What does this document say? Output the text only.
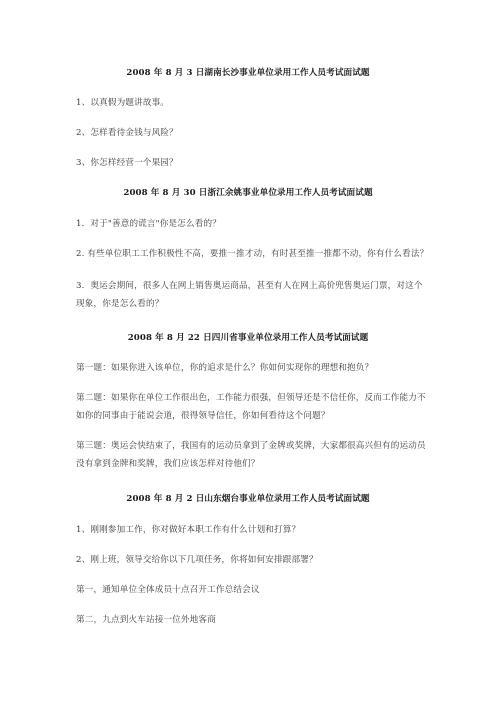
2008 年 8 月 3 日湖南长沙事业单位录用工作人员考试面试题
1、以真假为题讲故事。
2、怎样看待金钱与风险？
3、你怎样经营一个果园？
2008 年 8 月 30 日浙江余姚事业单位录用工作人员考试面试题
1．对于"善意的谎言"你是怎么看的？
2. 有些单位职工工作积极性不高，要推一推才动，有时甚至推一推都不动，你有什么看法？
3．奥运会期间，很多人在网上销售奥运商品，甚至有人在网上高价兜售奥运门票，对这个
现象，你是怎么看的？
2008 年 8 月 22 日四川省事业单位录用工作人员考试面试题
第一题：如果你进入该单位，你的追求是什么？你如何实现你的理想和抱负？
第二题：如果你在单位工作很出色，工作能力很强，但领导还是不信任你，反而工作能力不
如你的同事由于能说会道，很得领导信任，你如何看待这个问题？
第三题：奥运会快结束了，我国有的运动员拿到了金牌或奖牌，大家都很高兴但有的运动员
没有拿到金牌和奖牌，我们应该怎样对待他们？
2008 年 8 月 2 日山东烟台事业单位录用工作人员考试面试题
1、刚刚参加工作，你对做好本职工作有什么计划和打算？
2、刚上班，领导交给你以下几项任务，你将如何安排跟部署？
第一，通知单位全体成员十点召开工作总结会议
第二，九点到火车站接一位外地客商
